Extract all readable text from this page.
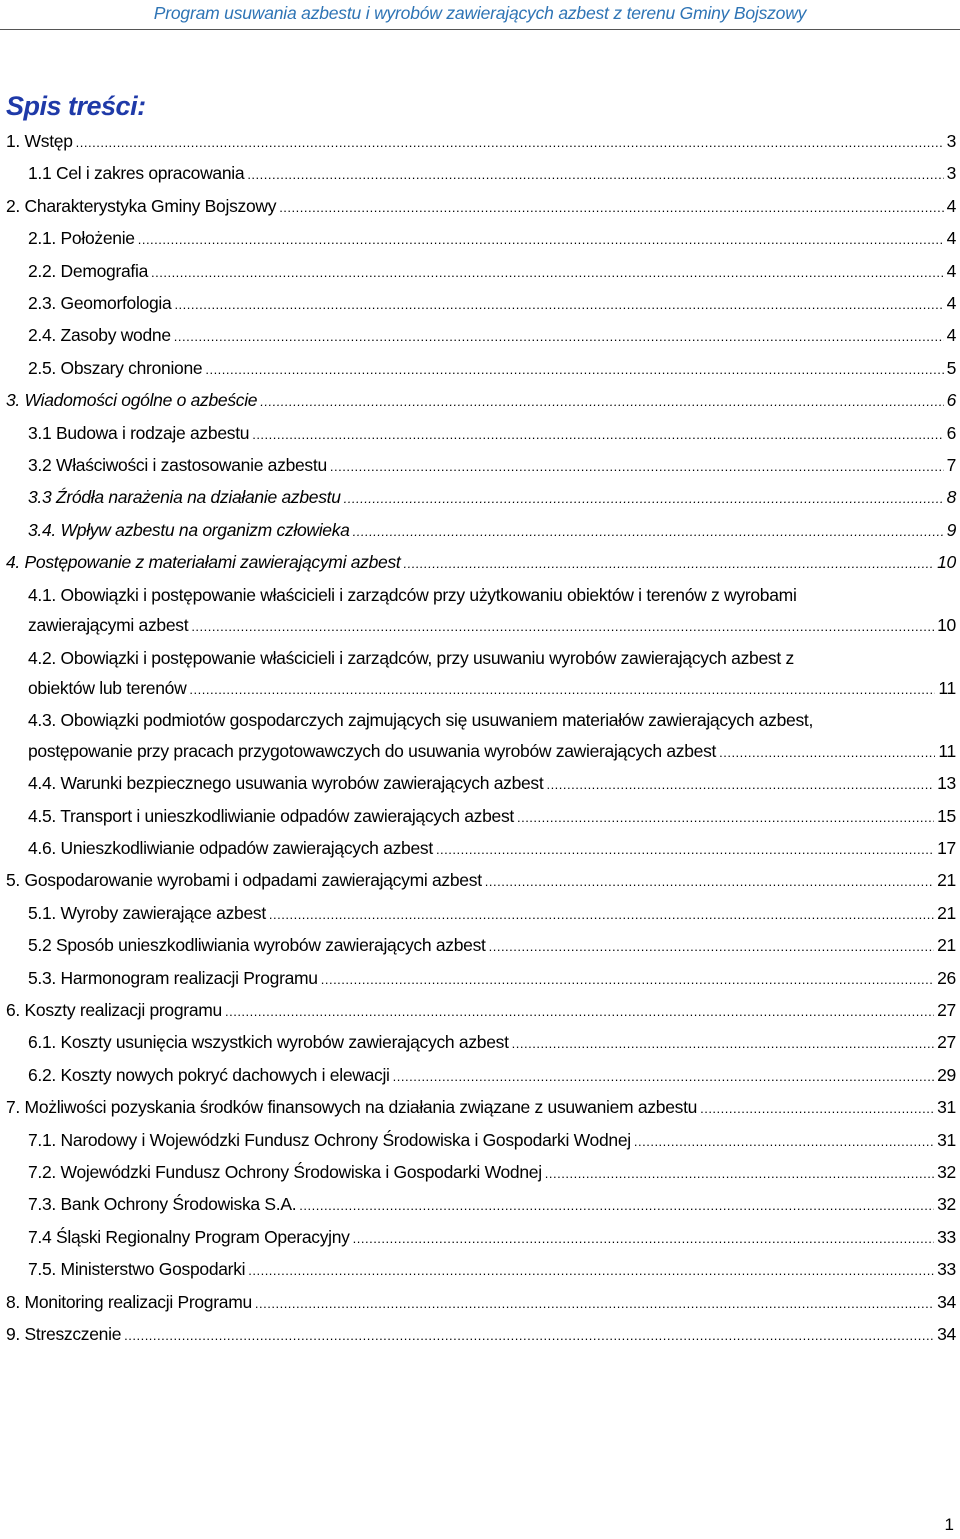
Program usuwania azbestu i wyrobów zawierających azbest z terenu Gminy Bojszowy
Spis treści:
1. Wstęp .....	3
1.1 Cel i zakres opracowania .....	3
2. Charakterystyka Gminy Bojszowy .....	4
2.1. Położenie .....	4
2.2. Demografia .....	4
2.3. Geomorfologia .....	4
2.4. Zasoby wodne .....	4
2.5. Obszary chronione .....	5
3. Wiadomości ogólne o azbeście .....	6
3.1 Budowa i rodzaje azbestu .....	6
3.2 Właściwości i zastosowanie azbestu .....	7
3.3 Źródła narażenia na działanie azbestu .....	8
3.4. Wpływ azbestu na organizm człowieka .....	9
4. Postępowanie z materiałami zawierającymi azbest .....	10
4.1. Obowiązki i postępowanie właścicieli i zarządców przy użytkowaniu obiektów i terenów z wyrobami
zawierającymi azbest .....	10
4.2. Obowiązki i postępowanie właścicieli i zarządców, przy usuwaniu wyrobów zawierających azbest z
obiektów lub terenów .....	11
4.3. Obowiązki podmiotów gospodarczych zajmujących się usuwaniem materiałów zawierających azbest,
postępowanie przy pracach przygotowawczych do usuwania wyrobów zawierających azbest .....	11
4.4. Warunki bezpiecznego usuwania wyrobów zawierających azbest .....	13
4.5. Transport i unieszkodliwianie odpadów zawierających azbest .....	15
4.6. Unieszkodliwianie odpadów zawierających azbest .....	17
5. Gospodarowanie wyrobami i odpadami zawierającymi azbest .....	21
5.1. Wyroby zawierające azbest .....	21
5.2 Sposób unieszkodliwiania wyrobów zawierających azbest .....	21
5.3. Harmonogram realizacji Programu .....	26
6. Koszty realizacji programu .....	27
6.1. Koszty usunięcia wszystkich wyrobów zawierających azbest .....	27
6.2. Koszty nowych pokryć dachowych i elewacji .....	29
7. Możliwości pozyskania środków finansowych na działania związane z usuwaniem azbestu .....	31
7.1. Narodowy i Wojewódzki Fundusz Ochrony Środowiska i Gospodarki Wodnej .....	31
7.2. Wojewódzki Fundusz Ochrony Środowiska i Gospodarki Wodnej .....	32
7.3. Bank Ochrony Środowiska S.A. .....	32
7.4 Śląski Regionalny Program Operacyjny .....	33
7.5. Ministerstwo Gospodarki .....	33
8. Monitoring realizacji Programu .....	34
9. Streszczenie .....	34
1
